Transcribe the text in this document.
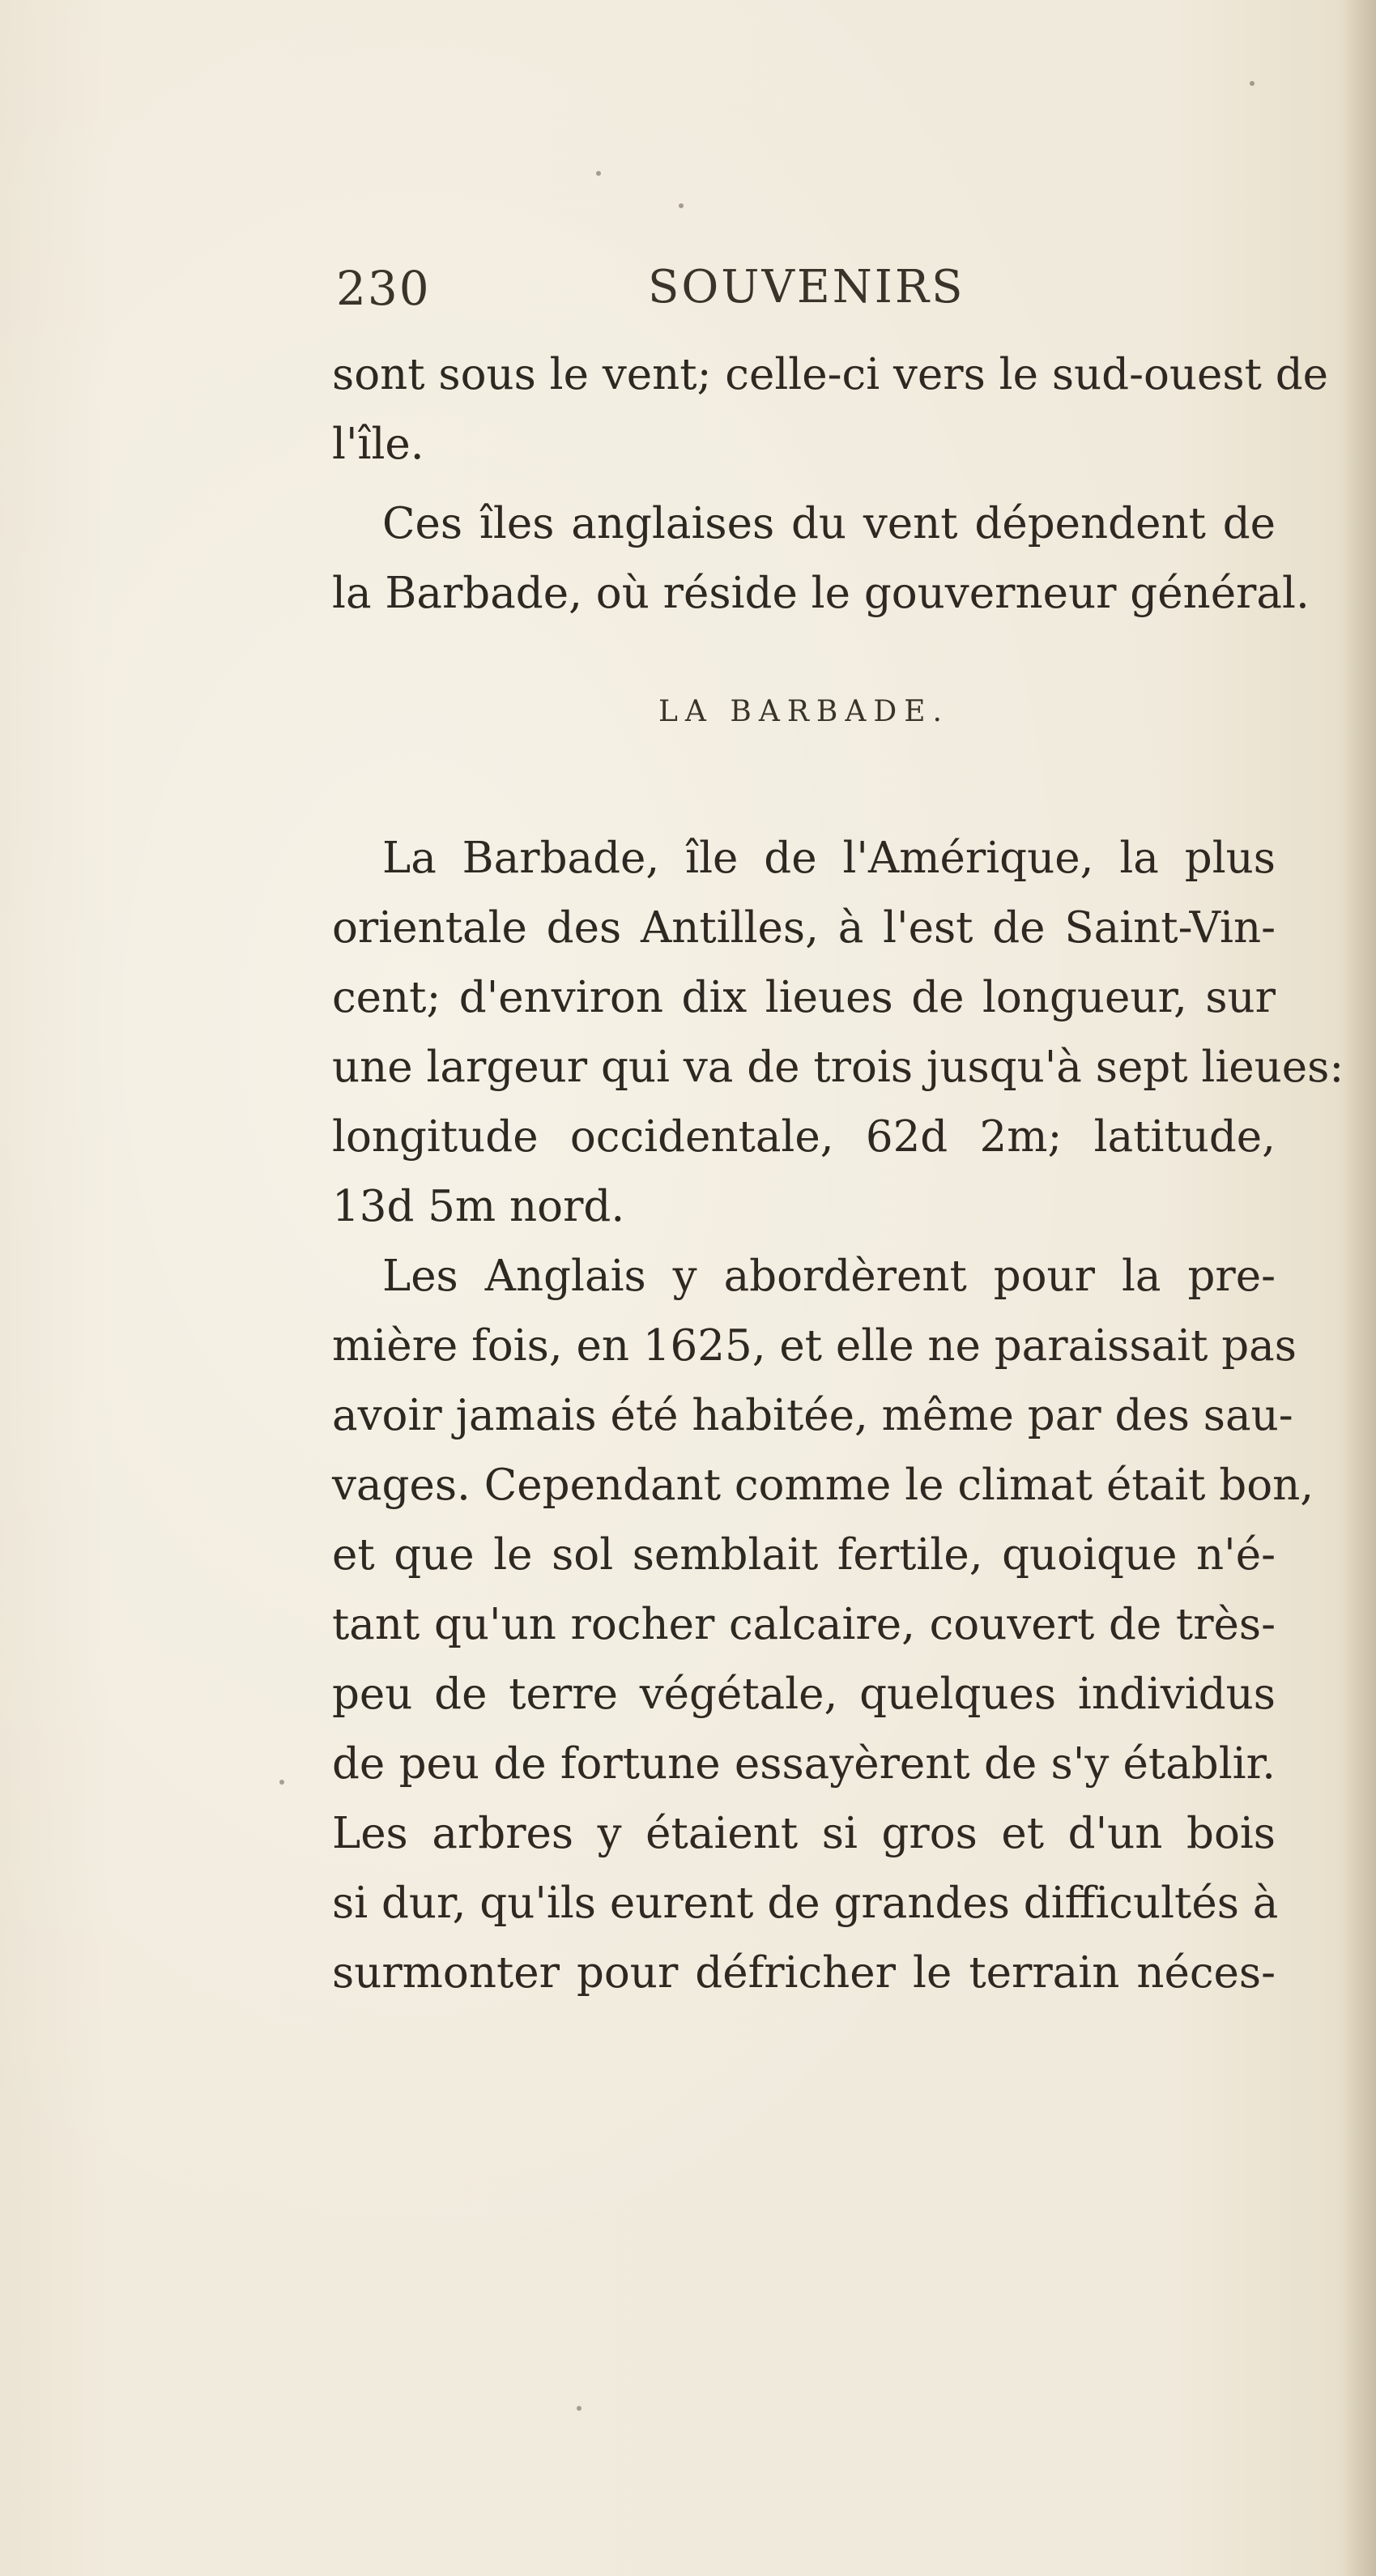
230	SOUVENIRS
sont sous le vent; celle-ci vers le sud-ouest de
l'île.
Ces îles anglaises du vent dépendent de
la Barbade, où réside le gouverneur général.
LA BARBADE.
La Barbade, île de l'Amérique, la plus
orientale des Antilles, à l'est de Saint-Vin-
cent; d'environ dix lieues de longueur, sur
une largeur qui va de trois jusqu'à sept lieues:
longitude occidentale, 62d 2m; latitude,
13d 5m nord.
Les Anglais y abordèrent pour la pre-
mière fois, en 1625, et elle ne paraissait pas
avoir jamais été habitée, même par des sau-
vages. Cependant comme le climat était bon,
et que le sol semblait fertile, quoique n'é-
tant qu'un rocher calcaire, couvert de très-
peu de terre végétale, quelques individus
de peu de fortune essayèrent de s'y établir.
Les arbres y étaient si gros et d'un bois
si dur, qu'ils eurent de grandes difficultés à
surmonter pour défricher le terrain néces-
